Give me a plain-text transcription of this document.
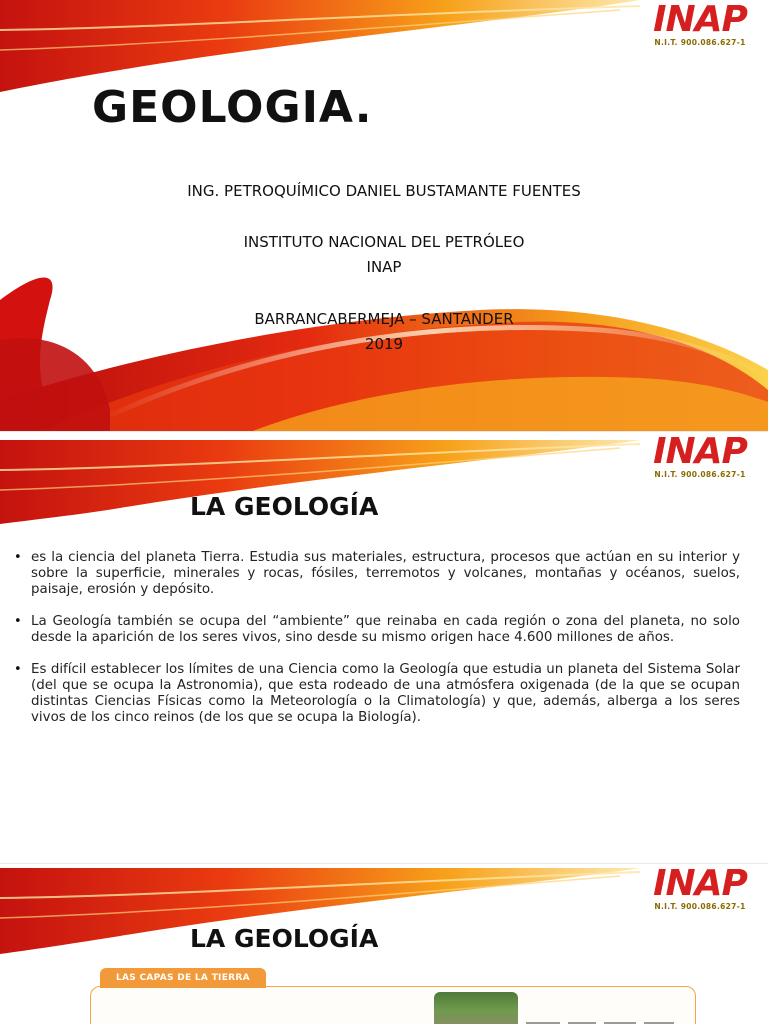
INAP
N.I.T. 900.086.627-1
GEOLOGIA.
ING. PETROQUÍMICO DANIEL BUSTAMANTE FUENTES
INSTITUTO NACIONAL DEL PETRÓLEO
INAP
BARRANCABERMEJA – SANTANDER
2019
INAP
N.I.T. 900.086.627-1
LA GEOLOGÍA
• es la ciencia del planeta Tierra. Estudia sus materiales, estructura, procesos que actúan en su interior y sobre la superficie, minerales y rocas, fósiles, terremotos y volcanes, montañas y océanos, suelos, paisaje, erosión y depósito.
• La Geología también se ocupa del “ambiente” que reinaba en cada región o zona del planeta, no solo desde la aparición de los seres vivos, sino desde su mismo origen hace 4.600 millones de años.
• Es difícil establecer los límites de una Ciencia como la Geología que estudia un planeta del Sistema Solar (del que se ocupa la Astronomia), que esta rodeado de una atmósfera oxigenada (de la que se ocupan distintas Ciencias Físicas como la Meteorología o la Climatología) y que, además, alberga a los seres vivos de los cinco reinos (de los que se ocupa la Biología).
INAP
N.I.T. 900.086.627-1
LA GEOLOGÍA
LAS CAPAS DE LA TIERRA
